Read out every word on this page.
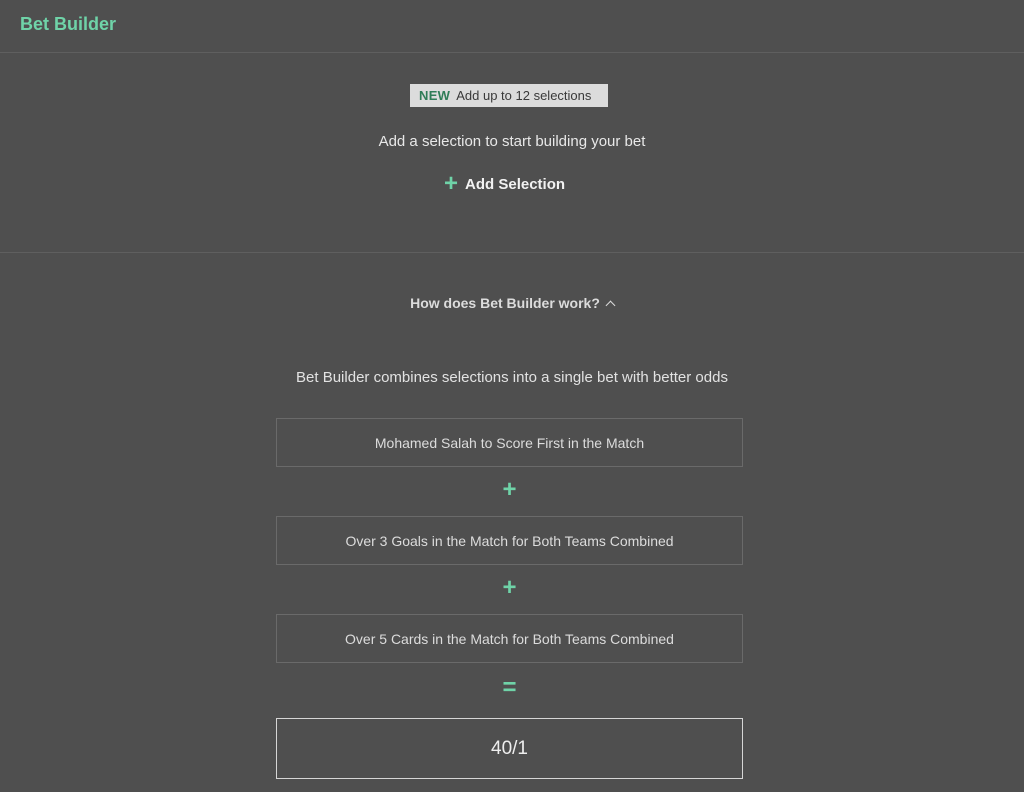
Bet Builder
NEW Add up to 12 selections
Add a selection to start building your bet
+ Add Selection
How does Bet Builder work?
Bet Builder combines selections into a single bet with better odds
Mohamed Salah to Score First in the Match
+
Over 3 Goals in the Match for Both Teams Combined
+
Over 5 Cards in the Match for Both Teams Combined
=
40/1
